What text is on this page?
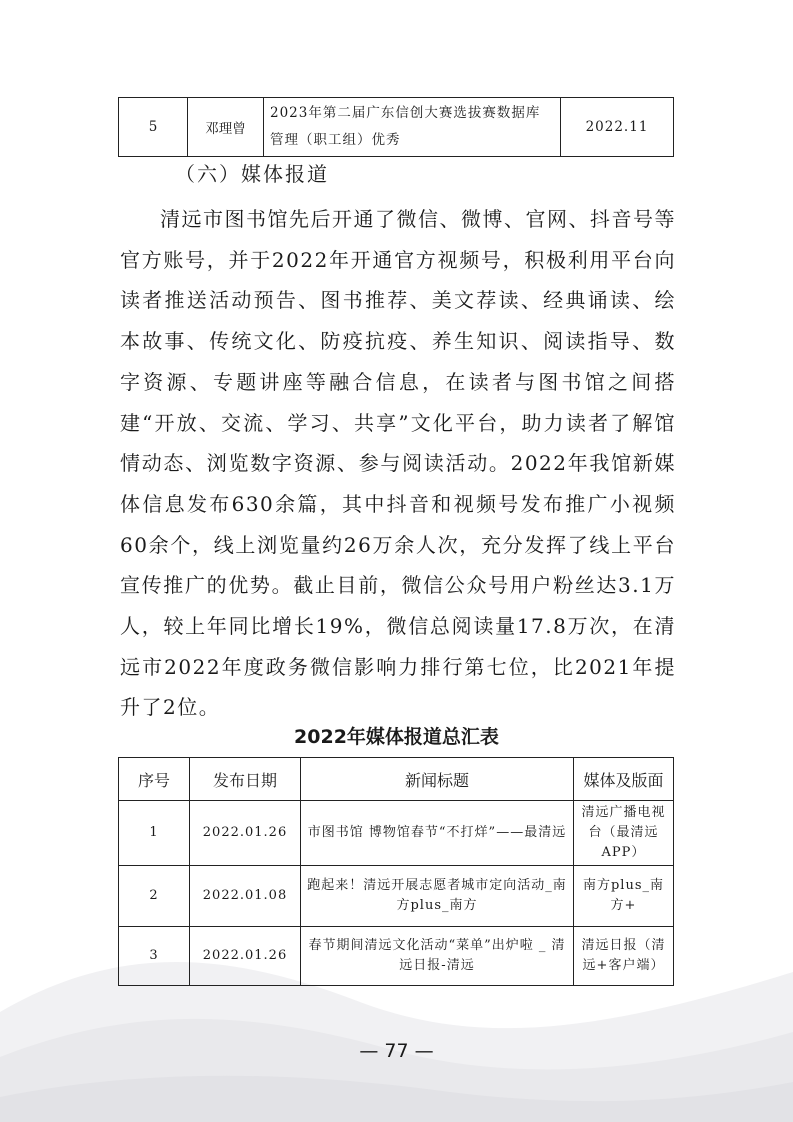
5	邓理曾	2023年第二届广东信创大赛选拔赛数据库管理（职工组）优秀	2022.11
（六）媒体报道
清远市图书馆先后开通了微信、微博、官网、抖音号等官方账号，并于2022年开通官方视频号，积极利用平台向读者推送活动预告、图书推荐、美文荐读、经典诵读、绘本故事、传统文化、防疫抗疫、养生知识、阅读指导、数字资源、专题讲座等融合信息，在读者与图书馆之间搭建“开放、交流、学习、共享”文化平台，助力读者了解馆情动态、浏览数字资源、参与阅读活动。2022年我馆新媒体信息发布630余篇，其中抖音和视频号发布推广小视频60余个，线上浏览量约26万余人次，充分发挥了线上平台宣传推广的优势。截止目前，微信公众号用户粉丝达3.1万人，较上年同比增长19%，微信总阅读量17.8万次，在清远市2022年度政务微信影响力排行第七位，比2021年提升了2位。
2022年媒体报道总汇表
序号	发布日期	新闻标题	媒体及版面
1	2022.01.26	市图书馆 博物馆春节“不打烊”——最清远	清远广播电视台（最清远APP）
2	2022.01.08	跑起来！清远开展志愿者城市定向活动_南方plus_南方	南方plus_南方+
3	2022.01.26	春节期间清远文化活动“菜单”出炉啦 _ 清远日报-清远	清远日报（清远+客户端）
— 77 —
